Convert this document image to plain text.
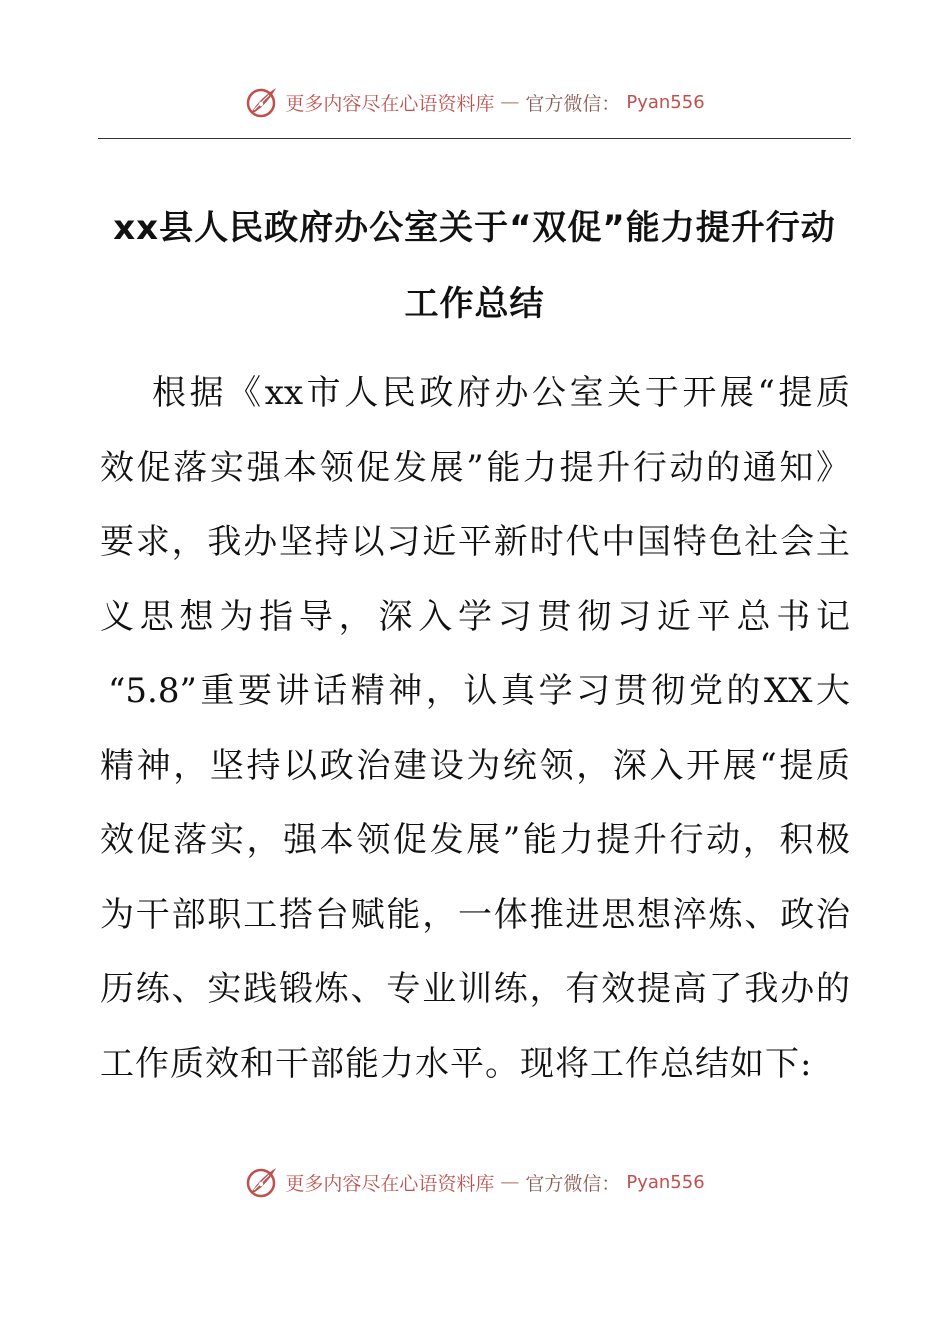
更多内容尽在心语资料库 — 官方微信： Pyan556
xx县人民政府办公室关于“双促”能力提升行动
工作总结
根据《xx市人民政府办公室关于开展“提质
效促落实强本领促发展”能力提升行动的通知》
要求，我办坚持以习近平新时代中国特色社会主
义思想为指导，深入学习贯彻习近平总书记
“5.8”重要讲话精神，认真学习贯彻党的XX大
精神，坚持以政治建设为统领，深入开展“提质
效促落实，强本领促发展”能力提升行动，积极
为干部职工搭台赋能，一体推进思想淬炼、政治
历练、实践锻炼、专业训练，有效提高了我办的
工作质效和干部能力水平。现将工作总结如下:
更多内容尽在心语资料库 — 官方微信： Pyan556
